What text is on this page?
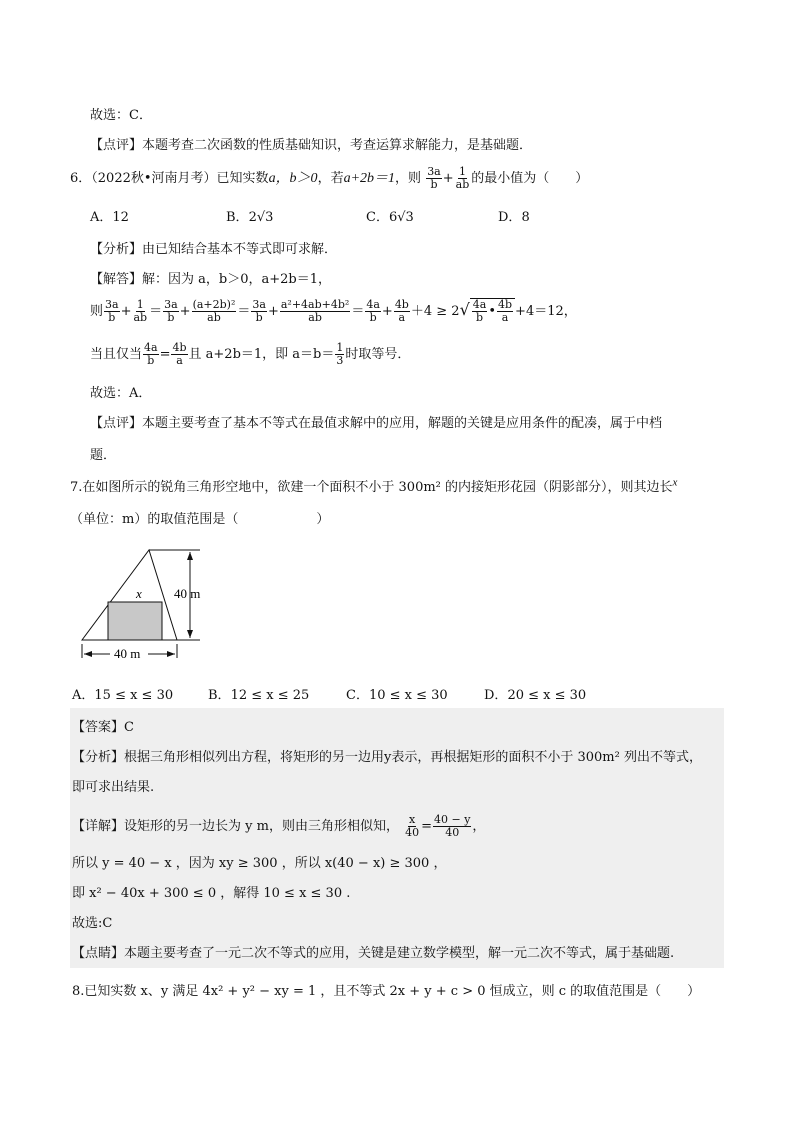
故选：C．
【点评】本题考查二次函数的性质基础知识，考查运算求解能力，是基础题．
6．（2022秋•河南月考）已知实数a，b＞0，若a+2b＝1，则 $\frac{3a}{b} + \frac{1}{ab}$ 的最小值为（　　）
A．12	B．2√3	C．6√3	D．8
【分析】由已知结合基本不等式即可求解．
【解答】解：因为 a，b＞0，a+2b＝1，
则 $\frac{3a}{b} + \frac{1}{ab} = \frac{3a}{b} + \frac{\text{(a+2b)²}}{ab} = \frac{3a}{b} + \frac{\text{a²+4ab+4b²}}{ab} = \frac{4a}{b} + \frac{4b}{a} +4 \ge 2√ \frac{4a}{b}$ • $\frac{4b}{a} +4=12$，
当且仅当 $\frac{4a}{b} = \frac{4b}{a}$ 且 a+2b＝1，即 $a=b= \frac{1}{3}$ 时取等号．
故选：A．
【点评】本题主要考查了基本不等式在最值求解中的应用，解题的关键是应用条件的配凑，属于中档
题．
7.在如图所示的锐角三角形空地中，欲建一个面积不小于 300m² 的内接矩形花园（阴影部分），则其边长$^x$
（单位：m）的取值范围是（　　　　　　）
40 m
40 m
x
A．15 ≤ x ≤ 30	B．12 ≤ x ≤ 25	C．10 ≤ x ≤ 30	D．20 ≤ x ≤ 30
【答案】C
【分析】根据三角形相似列出方程，将矩形的另一边用y表示，再根据矩形的面积不小于 300m² 列出不等式，
即可求出结果.
【详解】设矩形的另一边长为 y m，则由三角形相似知， $\frac{x}{40} = \frac{40 - y}{40}$ ，
所以 y = 40 − x ，因为 xy ≥ 300 ，所以 x(40 − x) ≥ 300 ，
即 x² − 40x + 300 ≤ 0 ，解得 10 ≤ x ≤ 30 .
故选:C
【点睛】本题主要考查了一元二次不等式的应用，关键是建立数学模型，解一元二次不等式，属于基础题.
8.已知实数 x、y 满足 4x² + y² − xy = 1 ，且不等式 2x + y + c > 0 恒成立，则 c 的取值范围是（　　）
